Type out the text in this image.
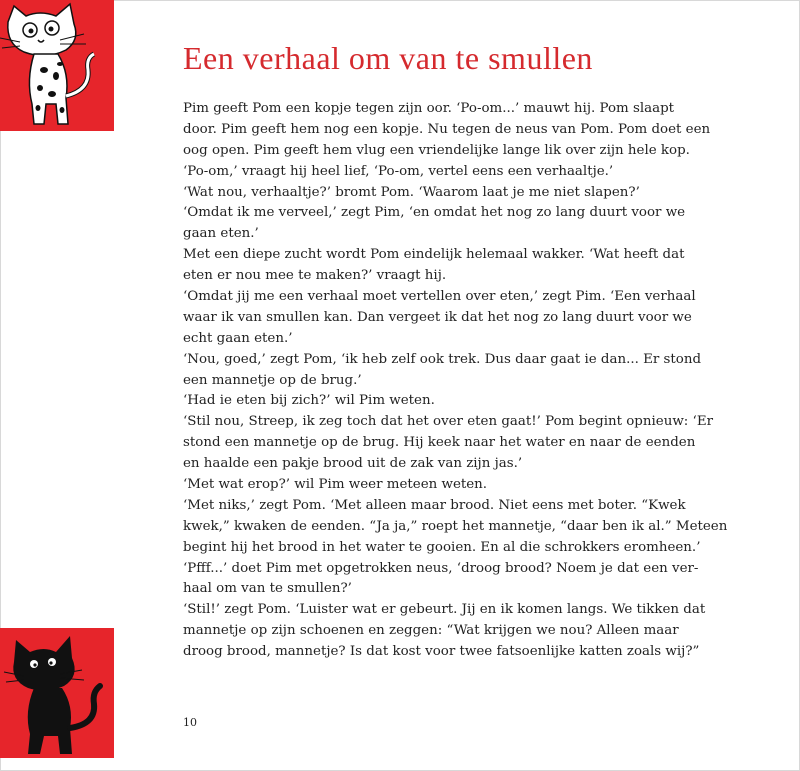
Een verhaal om van te smullen
Pim geeft Pom een kopje tegen zijn oor. ‘Po-om...’ mauwt hij. Pom slaapt
door. Pim geeft hem nog een kopje. Nu tegen de neus van Pom. Pom doet een
oog open. Pim geeft hem vlug een vriendelijke lange lik over zijn hele kop.
‘Po-om,’ vraagt hij heel lief, ‘Po-om, vertel eens een verhaaltje.’
‘Wat nou, verhaaltje?’ bromt Pom. ‘Waarom laat je me niet slapen?’
‘Omdat ik me verveel,’ zegt Pim, ‘en omdat het nog zo lang duurt voor we
gaan eten.’
Met een diepe zucht wordt Pom eindelijk helemaal wakker. ‘Wat heeft dat
eten er nou mee te maken?’ vraagt hij.
‘Omdat jij me een verhaal moet vertellen over eten,’ zegt Pim. ‘Een verhaal
waar ik van smullen kan. Dan vergeet ik dat het nog zo lang duurt voor we
echt gaan eten.’
‘Nou, goed,’ zegt Pom, ‘ik heb zelf ook trek. Dus daar gaat ie dan... Er stond
een mannetje op de brug.’
‘Had ie eten bij zich?’ wil Pim weten.
‘Stil nou, Streep, ik zeg toch dat het over eten gaat!’ Pom begint opnieuw: ‘Er
stond een mannetje op de brug. Hij keek naar het water en naar de eenden
en haalde een pakje brood uit de zak van zijn jas.’
‘Met wat erop?’ wil Pim weer meteen weten.
‘Met niks,’ zegt Pom. ‘Met alleen maar brood. Niet eens met boter. “Kwek
kwek,” kwaken de eenden. “Ja ja,” roept het mannetje, “daar ben ik al.” Meteen
begint hij het brood in het water te gooien. En al die schrokkers eromheen.’
‘Pfff...’ doet Pim met opgetrokken neus, ‘droog brood? Noem je dat een ver-
haal om van te smullen?’
‘Stil!’ zegt Pom. ‘Luister wat er gebeurt. Jij en ik komen langs. We tikken dat
mannetje op zijn schoenen en zeggen: “Wat krijgen we nou? Alleen maar
droog brood, mannetje? Is dat kost voor twee fatsoenlijke katten zoals wij?”
10
